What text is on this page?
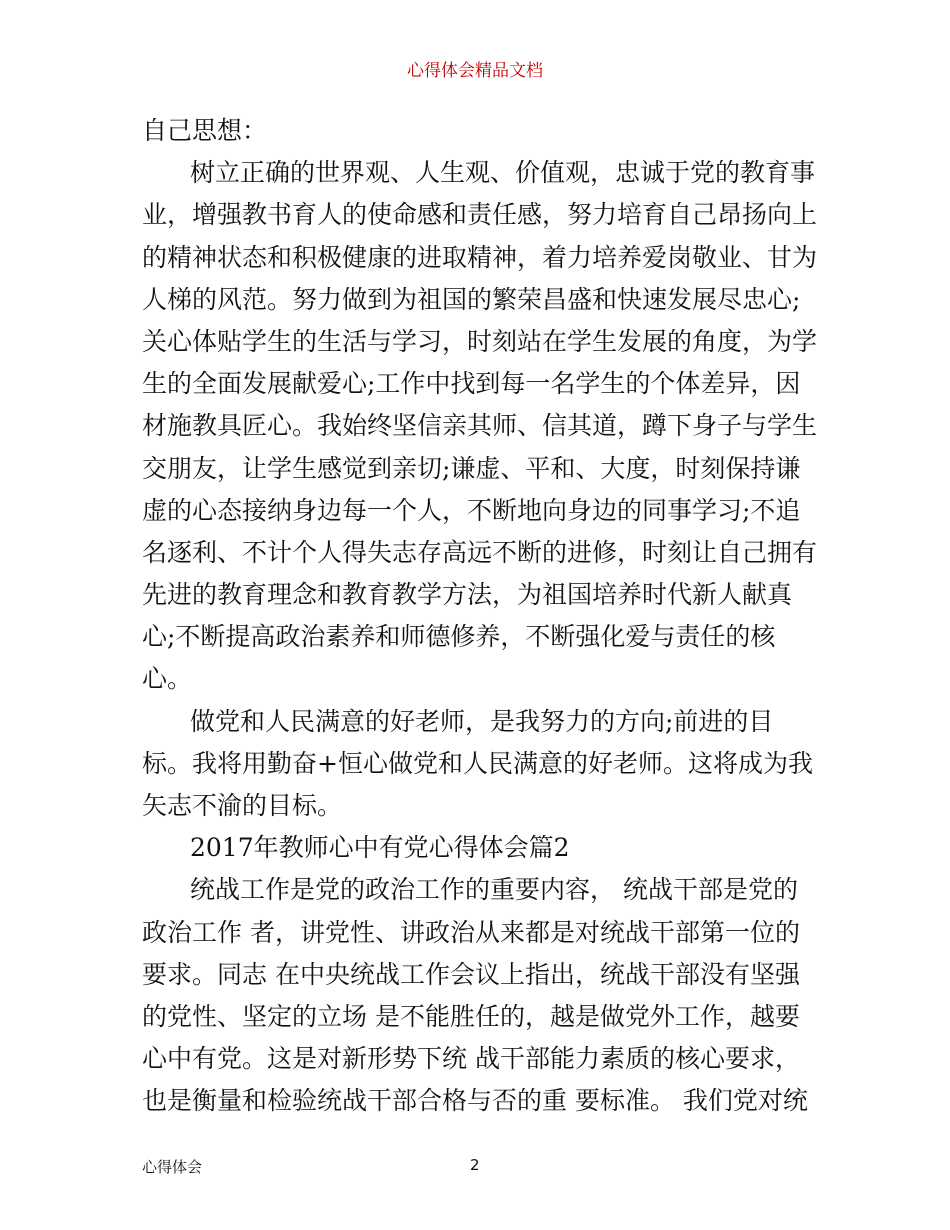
心得体会精品文档
自己思想：
树立正确的世界观、人生观、价值观，忠诚于党的教育事
业，增强教书育人的使命感和责任感，努力培育自己昂扬向上
的精神状态和积极健康的进取精神，着力培养爱岗敬业、甘为
人梯的风范。努力做到为祖国的繁荣昌盛和快速发展尽忠心;
关心体贴学生的生活与学习，时刻站在学生发展的角度，为学
生的全面发展献爱心;工作中找到每一名学生的个体差异，因
材施教具匠心。我始终坚信亲其师、信其道，蹲下身子与学生
交朋友，让学生感觉到亲切;谦虚、平和、大度，时刻保持谦
虚的心态接纳身边每一个人，不断地向身边的同事学习;不追
名逐利、不计个人得失志存高远不断的进修，时刻让自己拥有
先进的教育理念和教育教学方法，为祖国培养时代新人献真
心;不断提高政治素养和师德修养，不断强化爱与责任的核
心。
做党和人民满意的好老师，是我努力的方向;前进的目
标。我将用勤奋+恒心做党和人民满意的好老师。这将成为我
矢志不渝的目标。
2017年教师心中有党心得体会篇2
统战工作是党的政治工作的重要内容， 统战干部是党的
政治工作 者，讲党性、讲政治从来都是对统战干部第一位的
要求。同志 在中央统战工作会议上指出，统战干部没有坚强
的党性、坚定的立场 是不能胜任的，越是做党外工作，越要
心中有党。这是对新形势下统 战干部能力素质的核心要求，
也是衡量和检验统战干部合格与否的重 要标准。 我们党对统
心得体会	2
